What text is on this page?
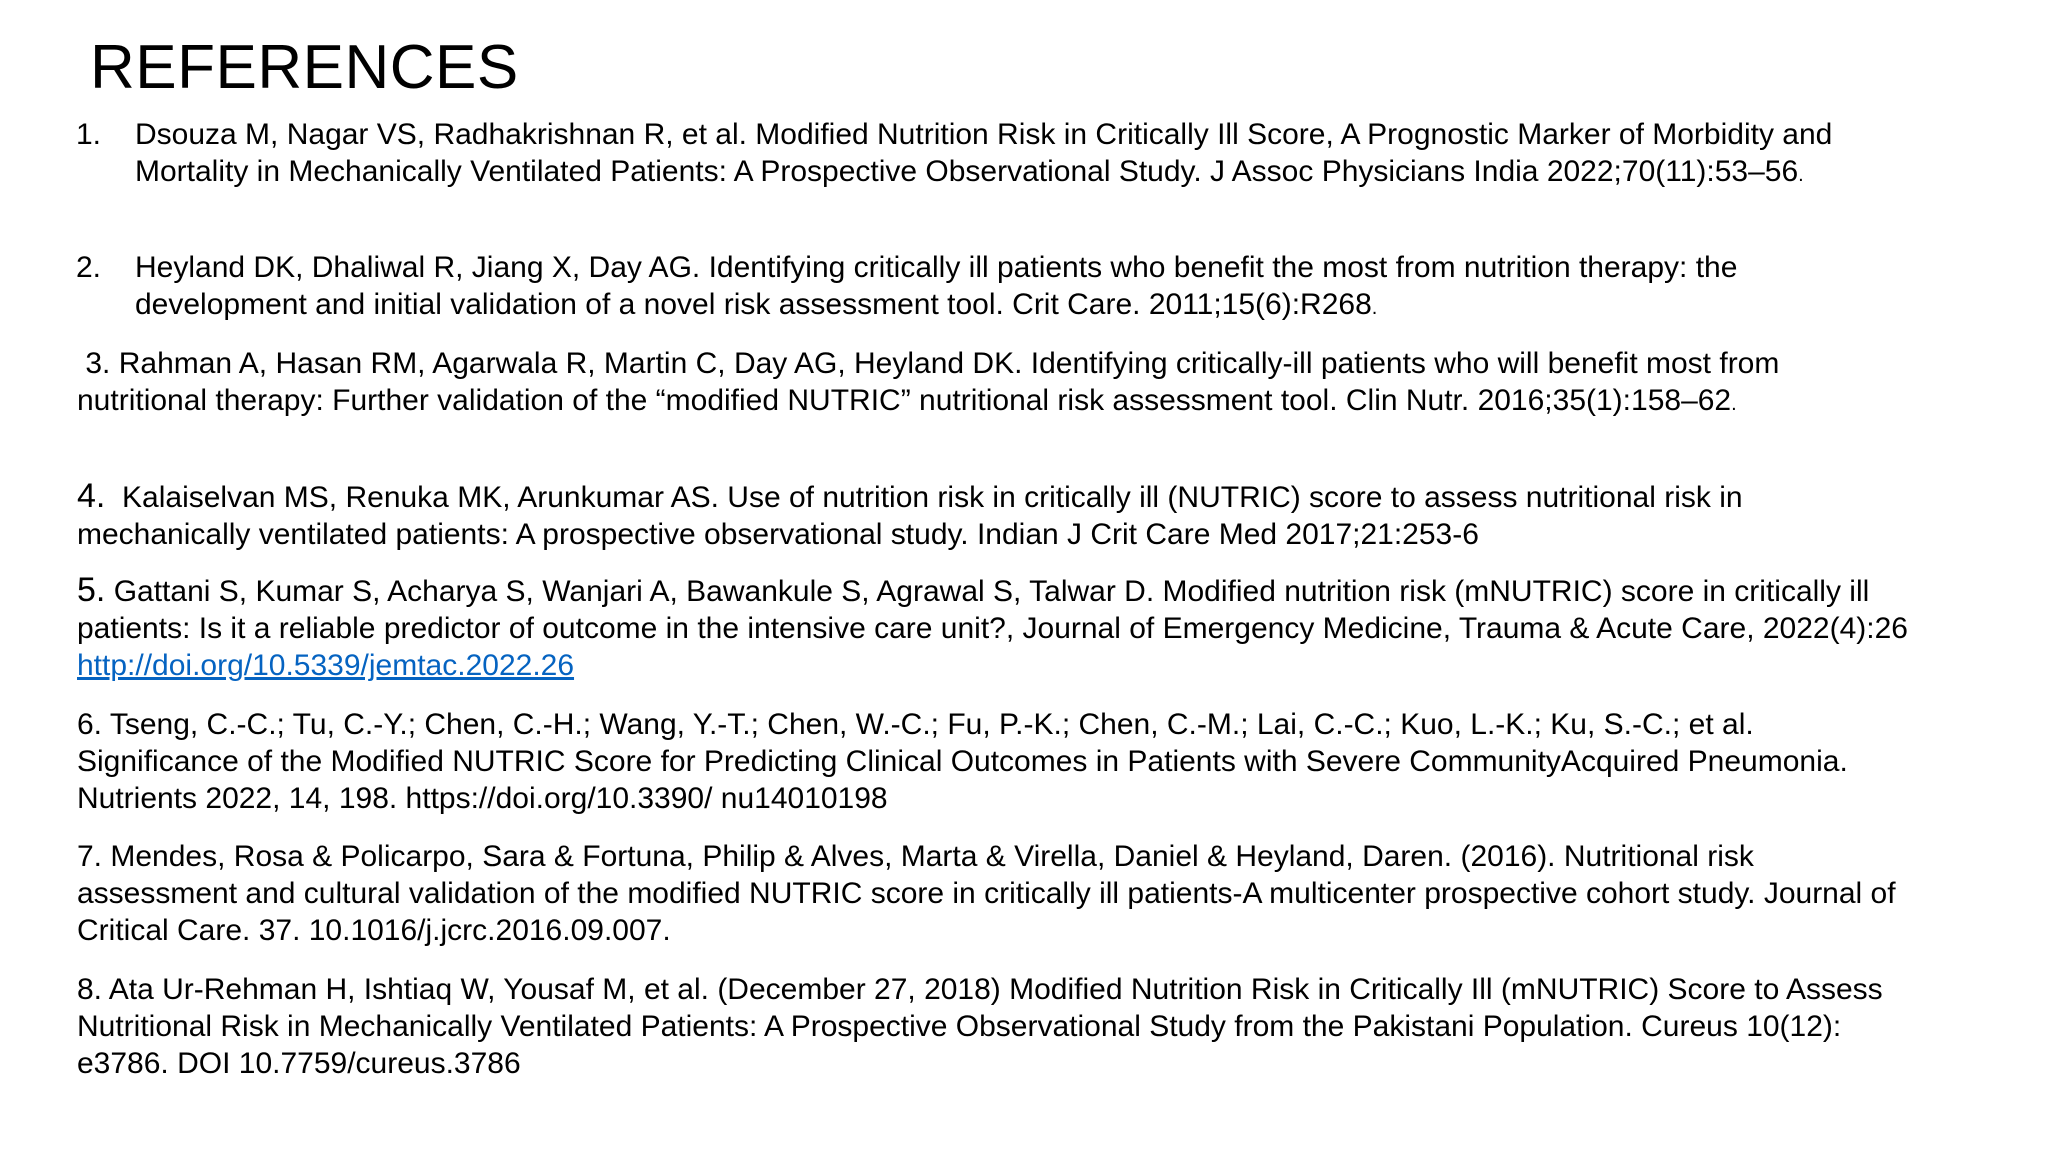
REFERENCES

1. Dsouza M, Nagar VS, Radhakrishnan R, et al. Modified Nutrition Risk in Critically Ill Score, A Prognostic Marker of Morbidity and Mortality in Mechanically Ventilated Patients: A Prospective Observational Study. J Assoc Physicians India 2022;70(11):53–56.

2. Heyland DK, Dhaliwal R, Jiang X, Day AG. Identifying critically ill patients who benefit the most from nutrition therapy: the development and initial validation of a novel risk assessment tool. Crit Care. 2011;15(6):R268.

3. Rahman A, Hasan RM, Agarwala R, Martin C, Day AG, Heyland DK. Identifying critically-ill patients who will benefit most from nutritional therapy: Further validation of the “modified NUTRIC” nutritional risk assessment tool. Clin Nutr. 2016;35(1):158–62.

4. Kalaiselvan MS, Renuka MK, Arunkumar AS. Use of nutrition risk in critically ill (NUTRIC) score to assess nutritional risk in mechanically ventilated patients: A prospective observational study. Indian J Crit Care Med 2017;21:253-6

5. Gattani S, Kumar S, Acharya S, Wanjari A, Bawankule S, Agrawal S, Talwar D. Modified nutrition risk (mNUTRIC) score in critically ill patients: Is it a reliable predictor of outcome in the intensive care unit?, Journal of Emergency Medicine, Trauma & Acute Care, 2022(4):26 http://doi.org/10.5339/jemtac.2022.26

6. Tseng, C.-C.; Tu, C.-Y.; Chen, C.-H.; Wang, Y.-T.; Chen, W.-C.; Fu, P.-K.; Chen, C.-M.; Lai, C.-C.; Kuo, L.-K.; Ku, S.-C.; et al. Significance of the Modified NUTRIC Score for Predicting Clinical Outcomes in Patients with Severe CommunityAcquired Pneumonia. Nutrients 2022, 14, 198. https://doi.org/10.3390/ nu14010198

7. Mendes, Rosa & Policarpo, Sara & Fortuna, Philip & Alves, Marta & Virella, Daniel & Heyland, Daren. (2016). Nutritional risk assessment and cultural validation of the modified NUTRIC score in critically ill patients-A multicenter prospective cohort study. Journal of Critical Care. 37. 10.1016/j.jcrc.2016.09.007.

8. Ata Ur-Rehman H, Ishtiaq W, Yousaf M, et al. (December 27, 2018) Modified Nutrition Risk in Critically Ill (mNUTRIC) Score to Assess Nutritional Risk in Mechanically Ventilated Patients: A Prospective Observational Study from the Pakistani Population. Cureus 10(12): e3786. DOI 10.7759/cureus.3786
